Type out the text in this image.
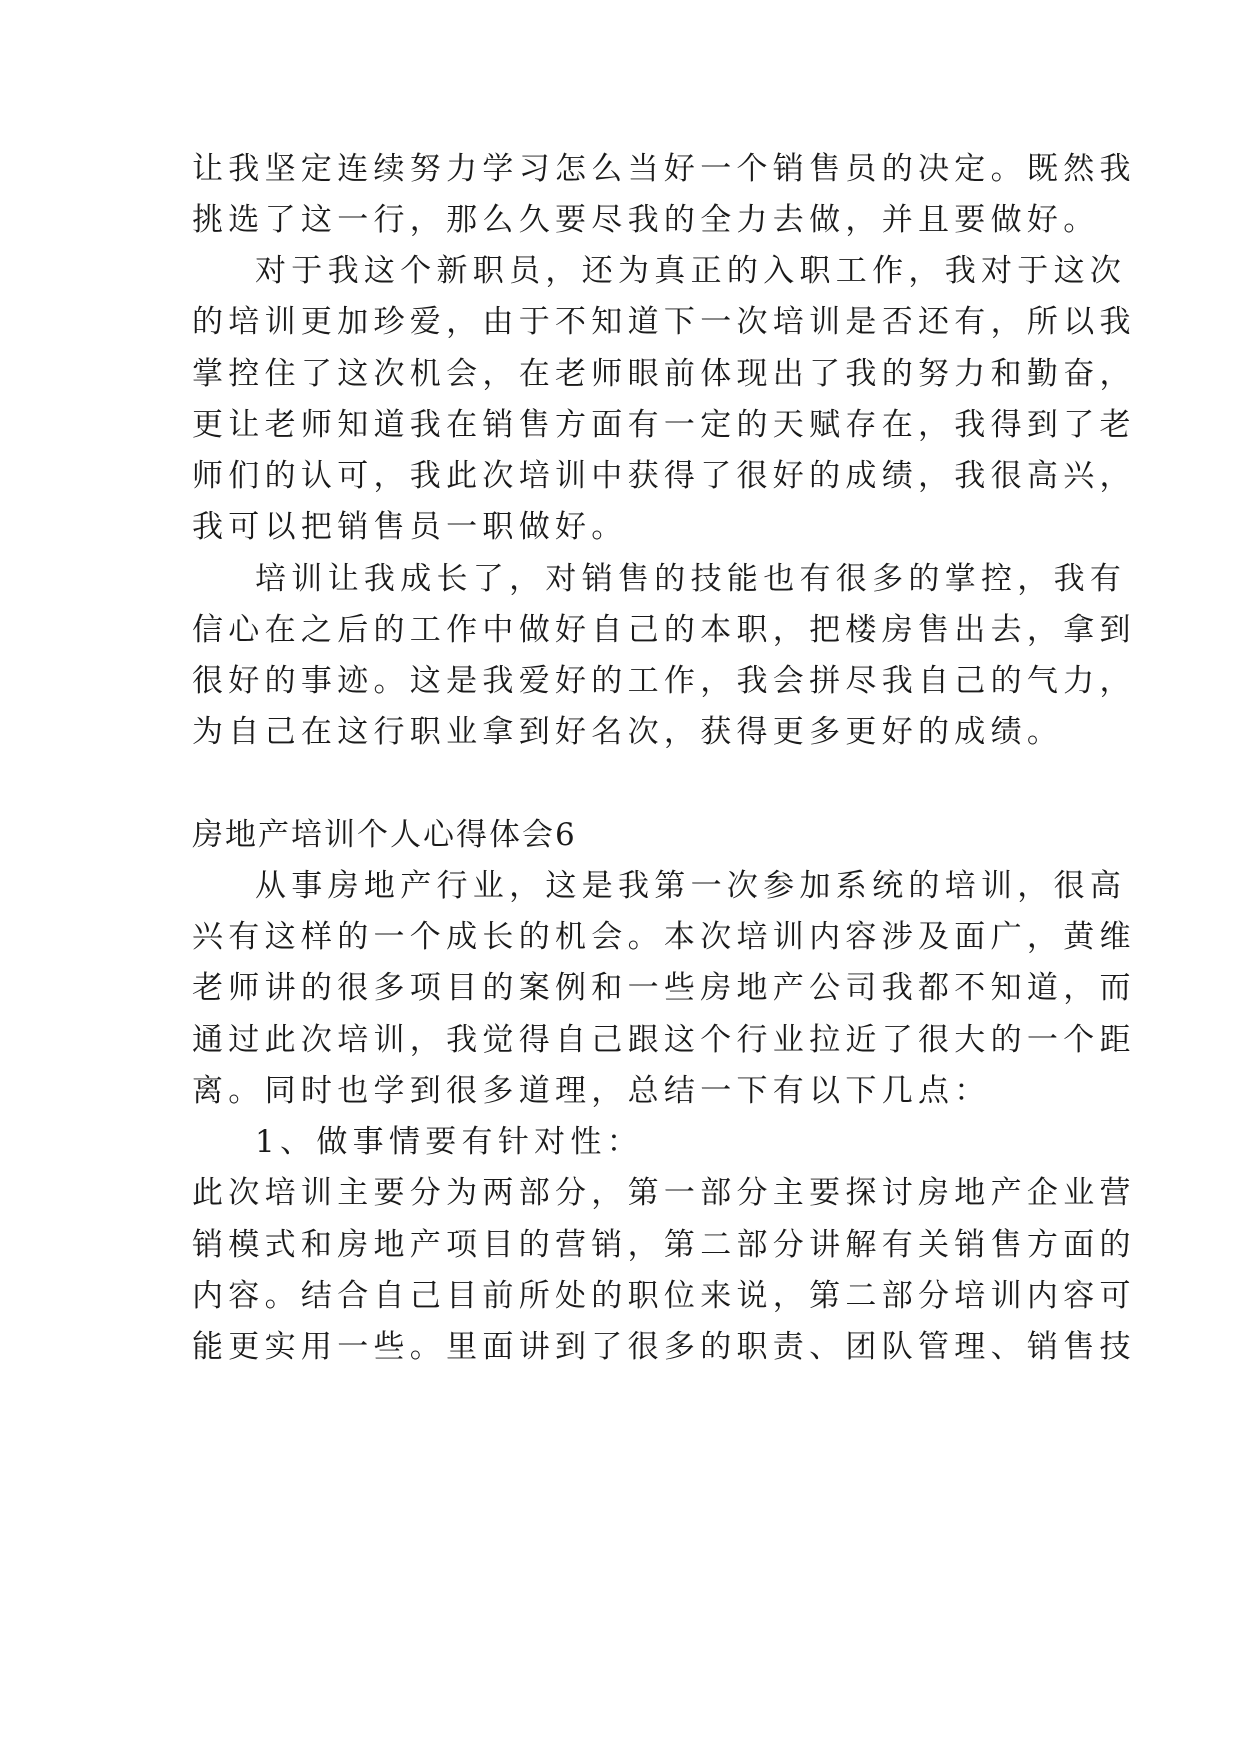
让我坚定连续努力学习怎么当好一个销售员的决定。既然我
挑选了这一行，那么久要尽我的全力去做，并且要做好。
对于我这个新职员，还为真正的入职工作，我对于这次
的培训更加珍爱，由于不知道下一次培训是否还有，所以我
掌控住了这次机会，在老师眼前体现出了我的努力和勤奋，
更让老师知道我在销售方面有一定的天赋存在，我得到了老
师们的认可，我此次培训中获得了很好的成绩，我很高兴，
我可以把销售员一职做好。
培训让我成长了，对销售的技能也有很多的掌控，我有
信心在之后的工作中做好自己的本职，把楼房售出去，拿到
很好的事迹。这是我爱好的工作，我会拼尽我自己的气力，
为自己在这行职业拿到好名次，获得更多更好的成绩。
房地产培训个人心得体会6
从事房地产行业，这是我第一次参加系统的培训，很高
兴有这样的一个成长的机会。本次培训内容涉及面广，黄维
老师讲的很多项目的案例和一些房地产公司我都不知道，而
通过此次培训，我觉得自己跟这个行业拉近了很大的一个距
离。同时也学到很多道理，总结一下有以下几点：
1、做事情要有针对性：
此次培训主要分为两部分，第一部分主要探讨房地产企业营
销模式和房地产项目的营销，第二部分讲解有关销售方面的
内容。结合自己目前所处的职位来说，第二部分培训内容可
能更实用一些。里面讲到了很多的职责、团队管理、销售技
